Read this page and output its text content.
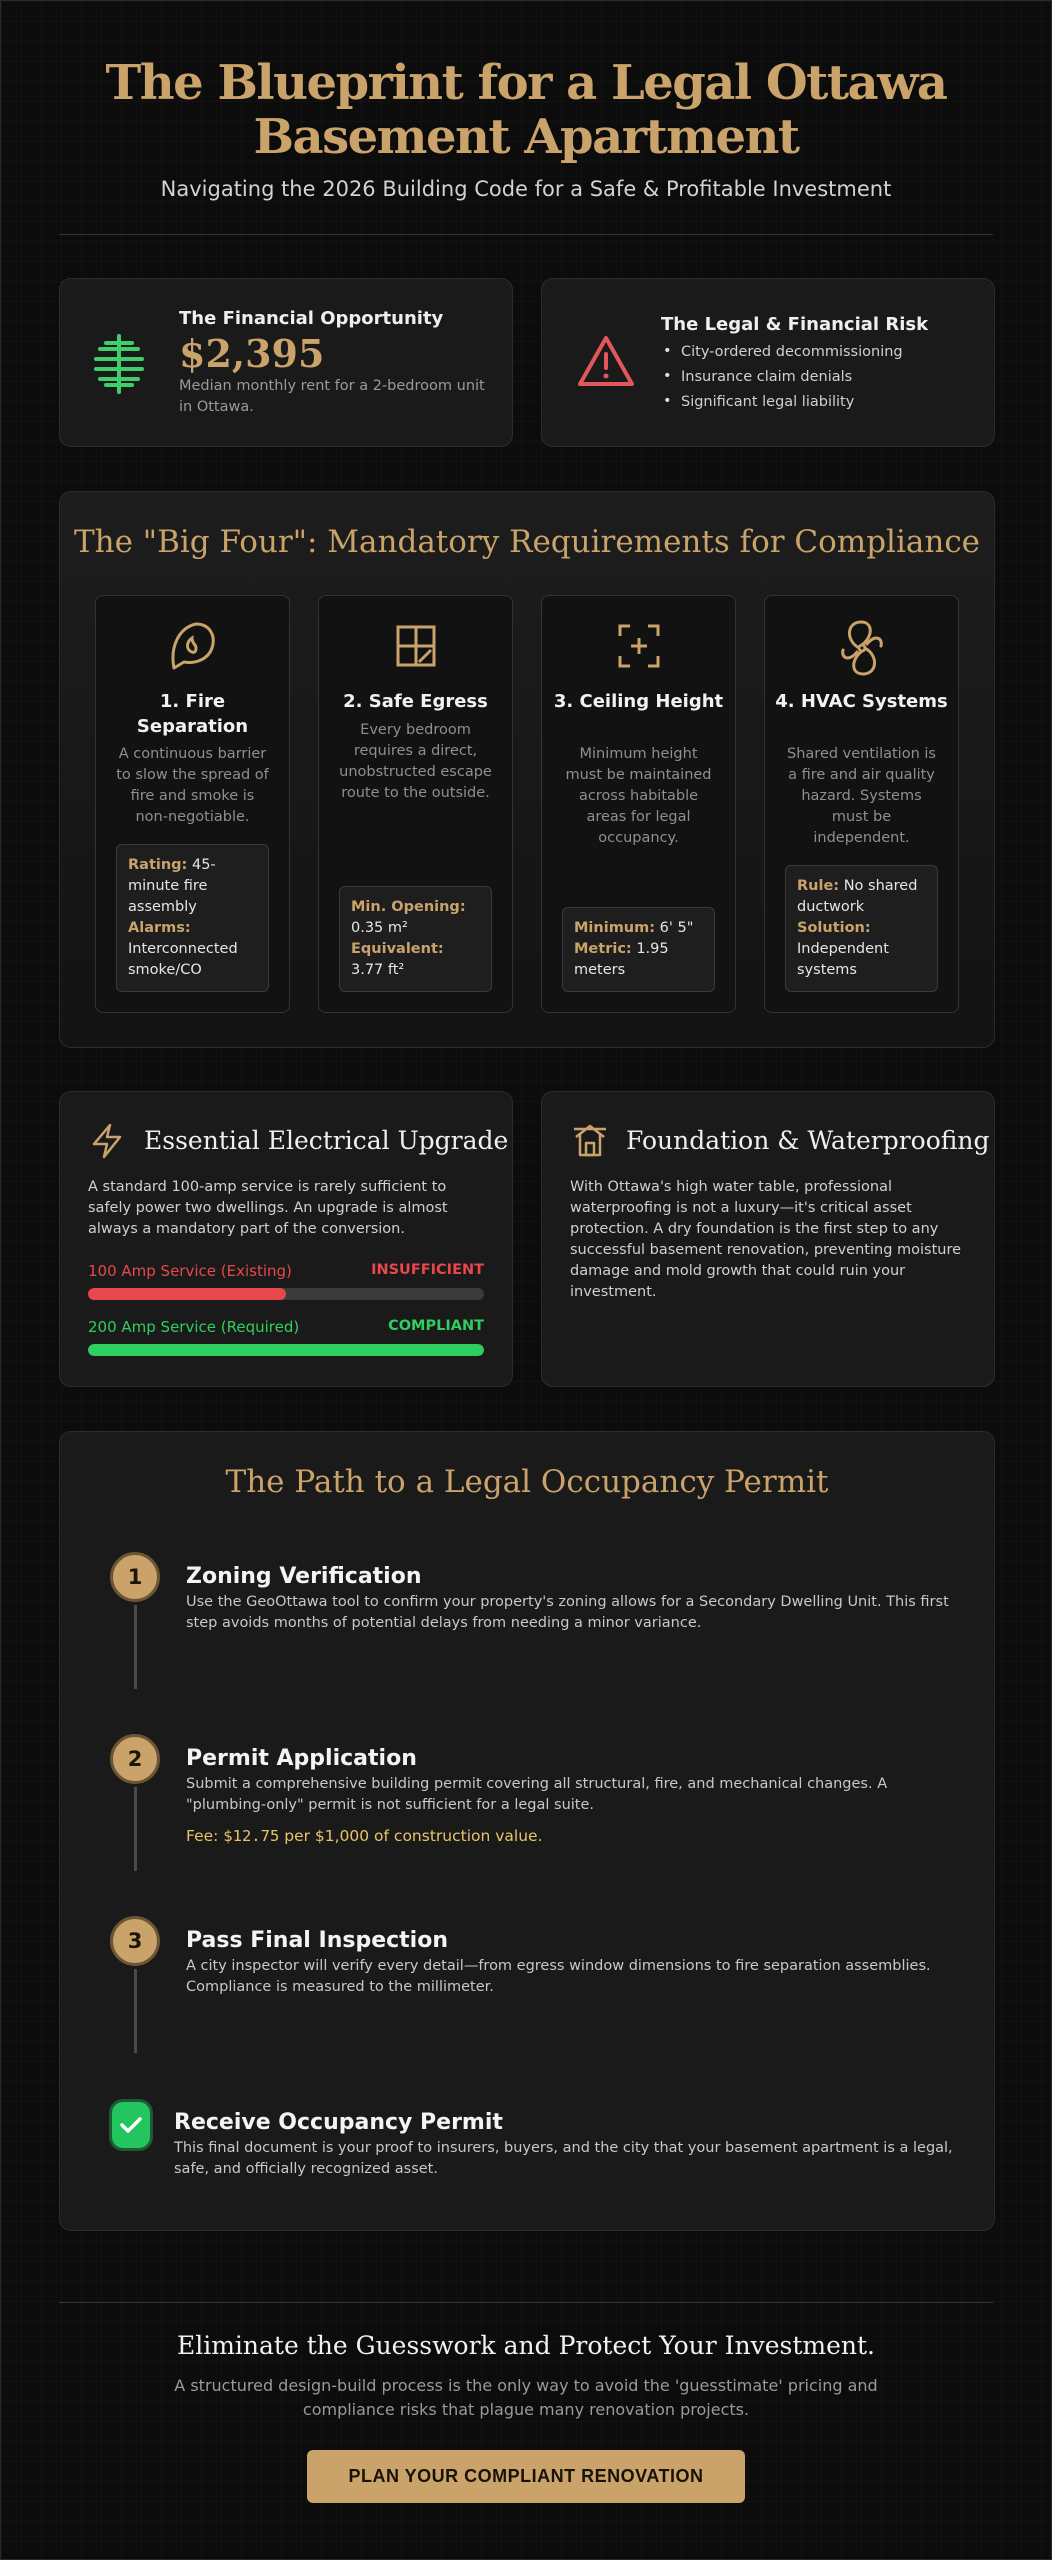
The Blueprint for a Legal Ottawa Basement Apartment
Navigating the 2026 Building Code for a Safe & Profitable Investment
The Financial Opportunity
$2,395
Median monthly rent for a 2-bedroom unit in Ottawa.
The Legal & Financial Risk
• City-ordered decommissioning
• Insurance claim denials
• Significant legal liability
The "Big Four": Mandatory Requirements for Compliance
1. Fire Separation

A continuous barrier to slow the spread of fire and smoke is non-negotiable.

Rating: 45-minute fire assembly
Alarms: Interconnected smoke/CO
2. Safe Egress

Every bedroom requires a direct, unobstructed escape route to the outside.

Min. Opening: 0.35 m²
Equivalent: 3.77 ft²
3. Ceiling Height

Minimum height must be maintained across habitable areas for legal occupancy.

Minimum: 6' 5"
Metric: 1.95 meters
4. HVAC Systems

Shared ventilation is a fire and air quality hazard. Systems must be independent.

Rule: No shared ductwork
Solution: Independent systems
Essential Electrical Upgrade
A standard 100-amp service is rarely sufficient to safely power two dwellings. An upgrade is almost always a mandatory part of the conversion.
100 Amp Service (Existing)	INSUFFICIENT
200 Amp Service (Required)	COMPLIANT
Foundation & Waterproofing
With Ottawa's high water table, professional waterproofing is not a luxury—it's critical asset protection. A dry foundation is the first step to any successful basement renovation, preventing moisture damage and mold growth that could ruin your investment.
The Path to a Legal Occupancy Permit
1	Zoning Verification
Use the GeoOttawa tool to confirm your property's zoning allows for a Secondary Dwelling Unit. This first step avoids months of potential delays from needing a minor variance.
2	Permit Application
Submit a comprehensive building permit covering all structural, fire, and mechanical changes. A "plumbing-only" permit is not sufficient for a legal suite.
Fee: $12.75 per $1,000 of construction value.
3	Pass Final Inspection
A city inspector will verify every detail—from egress window dimensions to fire separation assemblies. Compliance is measured to the millimeter.
Receive Occupancy Permit
This final document is your proof to insurers, buyers, and the city that your basement apartment is a legal, safe, and officially recognized asset.
Eliminate the Guesswork and Protect Your Investment.
A structured design-build process is the only way to avoid the 'guesstimate' pricing and compliance risks that plague many renovation projects.
PLAN YOUR COMPLIANT RENOVATION
